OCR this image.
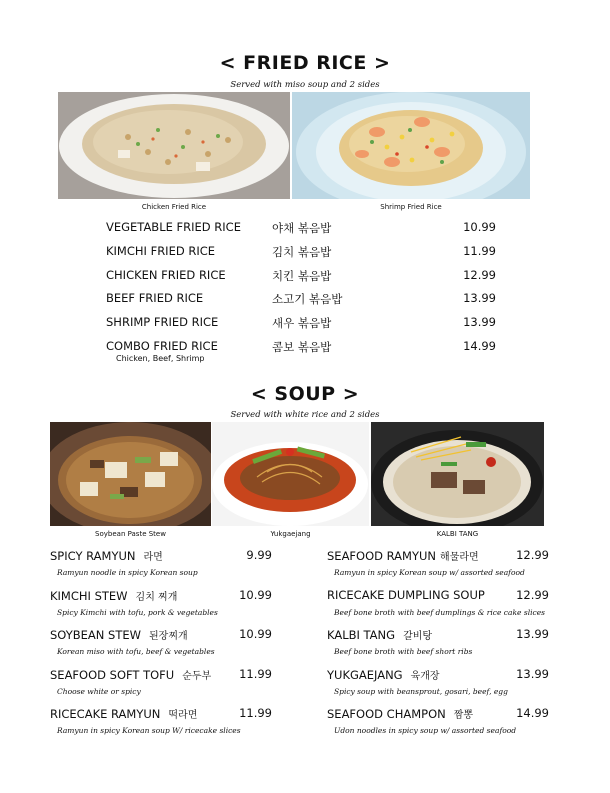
< FRIED RICE >
Served with miso soup and 2 sides
Chicken Fried Rice	Shrimp Fried Rice
VEGETABLE FRIED RICE	야채 볶음밥	10.99
KIMCHI FRIED RICE	김치 볶음밥	11.99
CHICKEN FRIED RICE	치킨 볶음밥	12.99
BEEF FRIED RICE	소고기 볶음밥	13.99
SHRIMP FRIED RICE	새우 볶음밥	13.99
COMBO FRIED RICE	콤보 볶음밥	14.99
Chicken, Beef, Shrimp
< SOUP >
Served with white rice and 2 sides
Soybean Paste Stew	Yukgaejang	KALBI TANG
SPICY RAMYUN 라면	9.99
Ramyun noodle in spicy Korean soup
KIMCHI STEW 김치 찌개	10.99
Spicy Kimchi with tofu, pork & vegetables
SOYBEAN STEW 된장찌개	10.99
Korean miso with tofu, beef & vegetables
SEAFOOD SOFT TOFU 순두부 11.99
Choose white or spicy
RICECAKE RAMYUN 떡라면	11.99
Ramyun in spicy Korean soup W/ ricecake slices
SEAFOOD RAMYUN 해물라면	12.99
Ramyun in spicy Korean soup w/ assorted seafood
RICECAKE DUMPLING SOUP	12.99
Beef bone broth with beef dumplings & rice cake slices
KALBI TANG 갈비탕	13.99
Beef bone broth with beef short ribs
YUKGAEJANG 육개장	13.99
Spicy soup with beansprout, gosari, beef, egg
SEAFOOD CHAMPON 짬뽕	14.99
Udon noodles in spicy soup w/ assorted seafood
